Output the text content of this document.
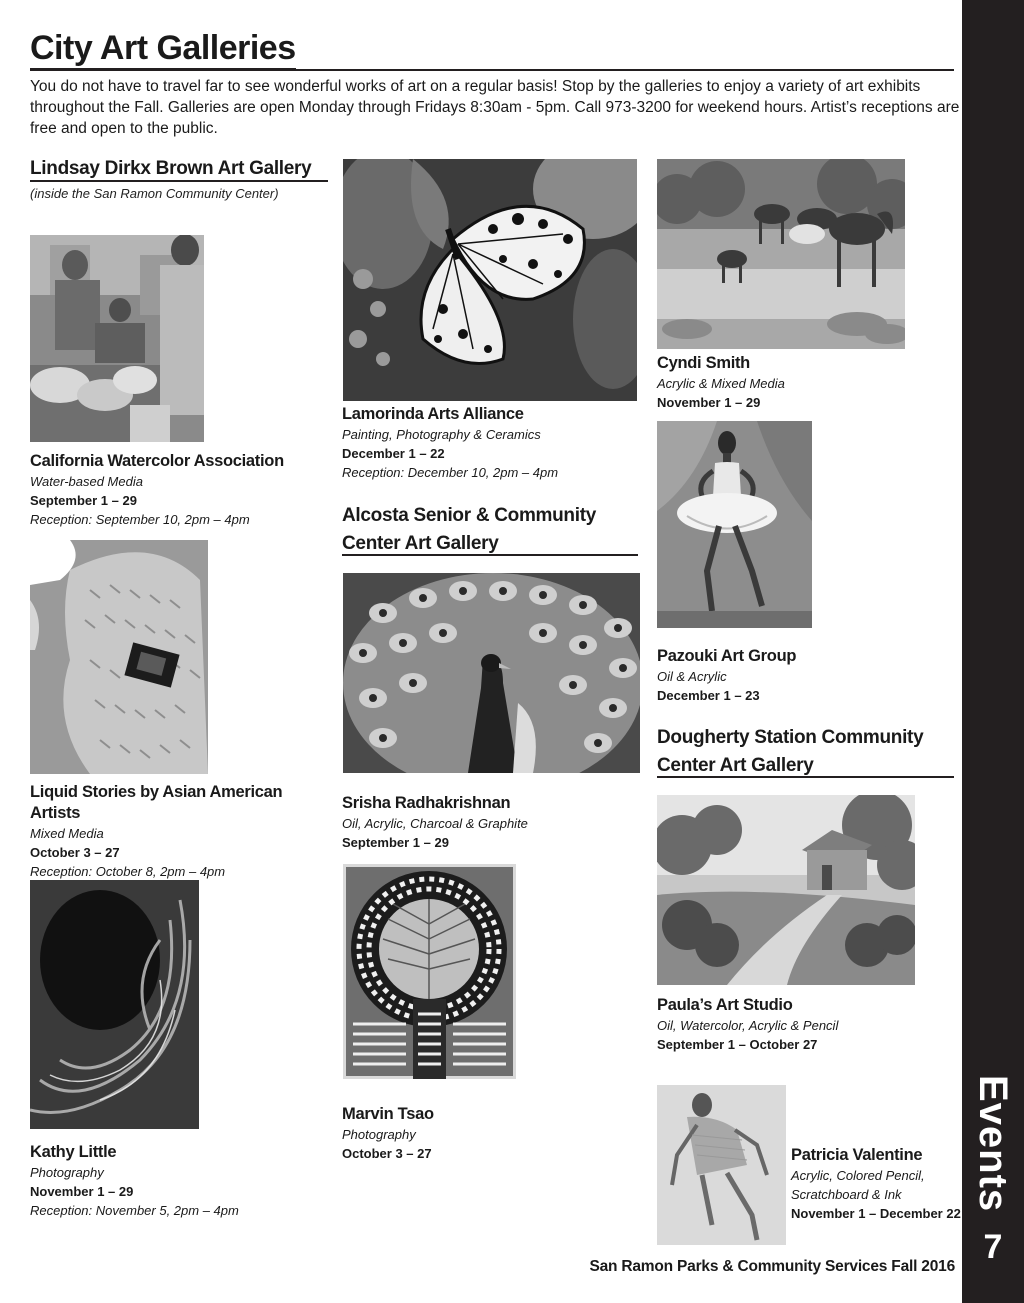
Events
7
City Art Galleries
You do not have to travel far to see wonderful works of art on a regular basis! Stop by the galleries to enjoy a variety of art exhibits throughout the Fall. Galleries are open Monday through Fridays 8:30am - 5pm. Call 973-3200 for weekend hours. Artist’s receptions are free and open to the public.
Lindsay Dirkx Brown Art Gallery
(inside the San Ramon Community Center)
California Watercolor Association
Water-based Media
September 1 – 29
Reception: September 10, 2pm – 4pm
Liquid Stories by Asian American Artists
Mixed Media
October 3 – 27
Reception: October 8, 2pm – 4pm
Kathy Little
Photography
November 1 – 29
Reception: November 5, 2pm – 4pm
Lamorinda Arts Alliance
Painting, Photography & Ceramics
December 1 – 22
Reception: December 10, 2pm – 4pm
Alcosta Senior & Community
Center Art Gallery
Srisha Radhakrishnan
Oil, Acrylic, Charcoal & Graphite
September 1 – 29
Marvin Tsao
Photography
October 3 – 27
Cyndi Smith
Acrylic & Mixed Media
November 1 – 29
Pazouki Art Group
Oil & Acrylic
December 1 – 23
Dougherty Station Community
Center Art Gallery
Paula’s Art Studio
Oil, Watercolor, Acrylic & Pencil
September 1 – October 27
Patricia Valentine
Acrylic, Colored Pencil,
Scratchboard & Ink
November 1 – December 22
San Ramon Parks & Community Services Fall 2016
